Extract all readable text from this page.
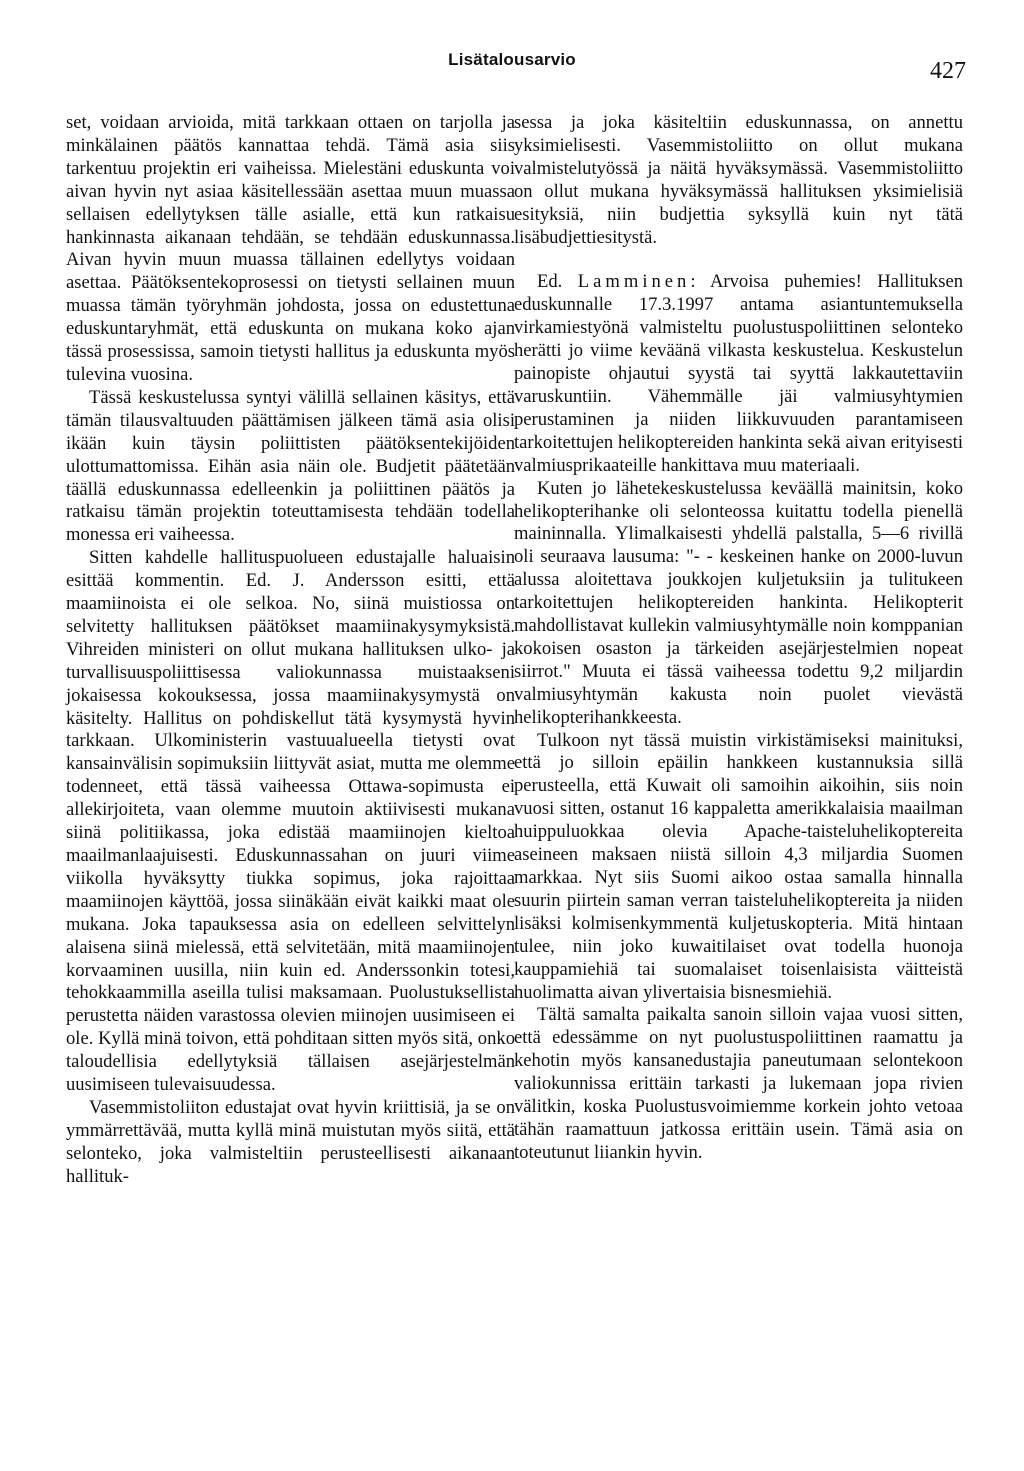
Lisätalousarvio	427

set, voidaan arvioida, mitä tarkkaan ottaen on tarjolla ja minkälainen päätös kannattaa tehdä. Tämä asia siis tarkentuu projektin eri vaiheissa. Mielestäni eduskunta voi aivan hyvin nyt asiaa käsitellessään asettaa muun muassa sellaisen edellytyksen tälle asialle, että kun ratkaisu hankinnasta aikanaan tehdään, se tehdään eduskunnassa. Aivan hyvin muun muassa tällainen edellytys voidaan asettaa. Päätöksentekoprosessi on tietysti sellainen muun muassa tämän työryhmän johdosta, jossa on edustettuna eduskuntaryhmät, että eduskunta on mukana koko ajan tässä prosessissa, samoin tietysti hallitus ja eduskunta myös tulevina vuosina.

Tässä keskustelussa syntyi välillä sellainen käsitys, että tämän tilausvaltuuden päättämisen jälkeen tämä asia olisi ikään kuin täysin poliittisten päätöksentekijöiden ulottumattomissa. Eihän asia näin ole. Budjetit päätetään täällä eduskunnassa edelleenkin ja poliittinen päätös ja ratkaisu tämän projektin toteuttamisesta tehdään todella monessa eri vaiheessa.

Sitten kahdelle hallituspuolueen edustajalle haluaisin esittää kommentin. Ed. J. Andersson esitti, että maamiinoista ei ole selkoa. No, siinä muistiossa on selvitetty hallituksen päätökset maamiinakysymyksistä. Vihreiden ministeri on ollut mukana hallituksen ulko- ja turvallisuuspoliittisessa valiokunnassa muistaakseni jokaisessa kokouksessa, jossa maamiinakysymystä on käsitelty. Hallitus on pohdiskellut tätä kysymystä hyvin tarkkaan. Ulkoministerin vastuualueella tietysti ovat kansainvälisin sopimuksiin liittyvät asiat, mutta me olemme todenneet, että tässä vaiheessa Ottawa-sopimusta ei allekirjoiteta, vaan olemme muutoin aktiivisesti mukana siinä politiikassa, joka edistää maamiinojen kieltoa maailmanlaajuisesti. Eduskunnassahan on juuri viime viikolla hyväksytty tiukka sopimus, joka rajoittaa maamiinojen käyttöä, jossa siinäkään eivät kaikki maat ole mukana. Joka tapauksessa asia on edelleen selvittelyn alaisena siinä mielessä, että selvitetään, mitä maamiinojen korvaaminen uusilla, niin kuin ed. Anderssonkin totesi, tehokkaammilla aseilla tulisi maksamaan. Puolustuksellista perustetta näiden varastossa olevien miinojen uusimiseen ei ole. Kyllä minä toivon, että pohditaan sitten myös sitä, onko taloudellisia edellytyksiä tällaisen asejärjestelmän uusimiseen tulevaisuudessa.

Vasemmistoliiton edustajat ovat hyvin kriittisiä, ja se on ymmärrettävää, mutta kyllä minä muistutan myös siitä, että selonteko, joka valmisteltiin perusteellisesti aikanaan hallituk-

sessa ja joka käsiteltiin eduskunnassa, on annettu yksimielisesti. Vasemmistoliitto on ollut mukana valmistelutyössä ja näitä hyväksymässä. Vasemmistoliitto on ollut mukana hyväksymässä hallituksen yksimielisiä esityksiä, niin budjettia syksyllä kuin nyt tätä lisäbudjettiesitystä.

Ed. Lamminen: Arvoisa puhemies! Hallituksen eduskunnalle 17.3.1997 antama asiantuntemuksella virkamiestyönä valmisteltu puolustuspoliittinen selonteko herätti jo viime keväänä vilkasta keskustelua. Keskustelun painopiste ohjautui syystä tai syyttä lakkautettaviin varuskuntiin. Vähemmälle jäi valmiusyhtymien perustaminen ja niiden liikkuvuuden parantamiseen tarkoitettujen helikoptereiden hankinta sekä aivan erityisesti valmiusprikaateille hankittava muu materiaali.

Kuten jo lähetekeskustelussa keväällä mainitsin, koko helikopterihanke oli selonteossa kuitattu todella pienellä maininnalla. Ylimalkaisesti yhdellä palstalla, 5—6 rivillä oli seuraava lausuma: "- - keskeinen hanke on 2000-luvun alussa aloitettava joukkojen kuljetuksiin ja tulitukeen tarkoitettujen helikoptereiden hankinta. Helikopterit mahdollistavat kullekin valmiusyhtymälle noin komppanian kokoisen osaston ja tärkeiden asejärjestelmien nopeat siirrot." Muuta ei tässä vaiheessa todettu 9,2 miljardin valmiusyhtymän kakusta noin puolet vievästä helikopterihankkeesta.

Tulkoon nyt tässä muistin virkistämiseksi mainituksi, että jo silloin epäilin hankkeen kustannuksia sillä perusteella, että Kuwait oli samoihin aikoihin, siis noin vuosi sitten, ostanut 16 kappaletta amerikkalaisia maailman huippuluokkaa olevia Apache-taisteluhelikoptereita aseineen maksaen niistä silloin 4,3 miljardia Suomen markkaa. Nyt siis Suomi aikoo ostaa samalla hinnalla suurin piirtein saman verran taisteluhelikoptereita ja niiden lisäksi kolmisenkymmentä kuljetuskopteria. Mitä hintaan tulee, niin joko kuwaitilaiset ovat todella huonoja kauppamiehiä tai suomalaiset toisenlaisista väitteistä huolimatta aivan ylivertaisia bisnesmiehiä.

Tältä samalta paikalta sanoin silloin vajaa vuosi sitten, että edessämme on nyt puolustuspoliittinen raamattu ja kehotin myös kansanedustajia paneutumaan selontekoon valiokunnissa erittäin tarkasti ja lukemaan jopa rivien välitkin, koska Puolustusvoimiemme korkein johto vetoaa tähän raamattuun jatkossa erittäin usein. Tämä asia on toteutunut liiankin hyvin.
